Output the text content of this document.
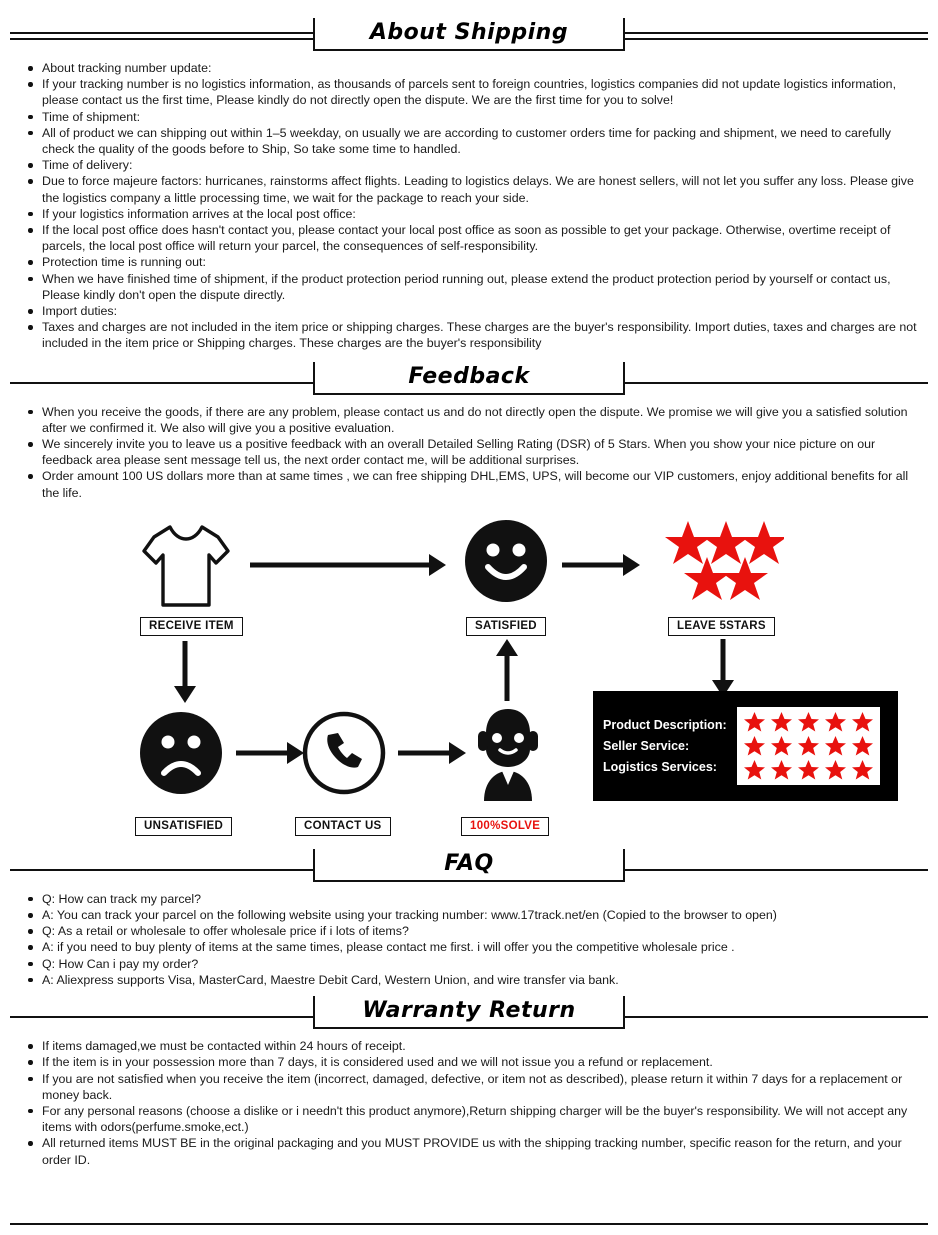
About Shipping
About tracking number update:
If your tracking number is no logistics information, as thousands of parcels sent to foreign countries, logistics companies did not update logistics information, please contact us the first time, Please kindly do not directly open the dispute. We are the first time for you to solve!
Time of shipment:
All of product we can shipping out within 1–5 weekday, on usually we are according to customer orders time for packing and shipment, we need to carefully check the quality of the goods before to Ship, So take some time to handled.
Time of delivery:
Due to force majeure factors: hurricanes, rainstorms affect flights. Leading to logistics delays. We are honest sellers, will not let you suffer any loss. Please give the logistics company a little processing time, we wait for the package to reach your side.
If your logistics information arrives at the local post office:
If the local post office does hasn't contact you, please contact your local post office as soon as possible to get your package. Otherwise, overtime receipt of parcels, the local post office will return your parcel, the consequences of self-responsibility.
Protection time is running out:
When we have finished time of shipment, if the product protection period running out, please extend the product protection period by yourself or contact us, Please kindly don't open the dispute directly.
Import duties:
Taxes and charges are not included in the item price or shipping charges. These charges are the buyer's responsibility. Import duties, taxes and charges are not included in the item price or Shipping charges. These charges are the buyer's responsibility
Feedback
When you receive the goods, if there are any problem, please contact us and do not directly open the dispute. We promise we will give you a satisfied solution after we confirmed it. We also will give you a positive evaluation.
We sincerely invite you to leave us a positive feedback with an overall Detailed Selling Rating (DSR) of 5 Stars. When you show your nice picture on our feedback area please sent message tell us, the next order contact me, will be additional surprises.
Order amount 100 US dollars more than at same times , we can free shipping DHL,EMS, UPS, will become our VIP customers, enjoy additional benefits for all the life.
RECEIVE ITEM	SATISFIED	LEAVE 5STARS
UNSATISFIED	CONTACT US	100%SOLVE
Product Description:
Seller Service:
Logistics Services:
FAQ
Q: How can track my parcel?
A: You can track your parcel on the following website using your tracking number: www.17track.net/en (Copied to the browser to open)
Q: As a retail or wholesale to offer wholesale price if i lots of items?
A: if you need to buy plenty of items at the same times, please contact me first. i will offer you the competitive wholesale price .
Q: How Can i pay my order?
A: Aliexpress supports Visa, MasterCard, Maestre Debit Card, Western Union, and wire transfer via bank.
Warranty Return
If items damaged,we must be contacted within 24 hours of receipt.
If the item is in your possession more than 7 days, it is considered used and we will not issue you a refund or replacement.
If you are not satisfied when you receive the item (incorrect, damaged, defective, or item not as described), please return it within 7 days for a replacement or money back.
For any personal reasons (choose a dislike or i needn't this product anymore),Return shipping charger will be the buyer's responsibility. We will not accept any items with odors(perfume.smoke,ect.)
All returned items MUST BE in the original packaging and you MUST PROVIDE us with the shipping tracking number, specific reason for the return, and your order ID.
